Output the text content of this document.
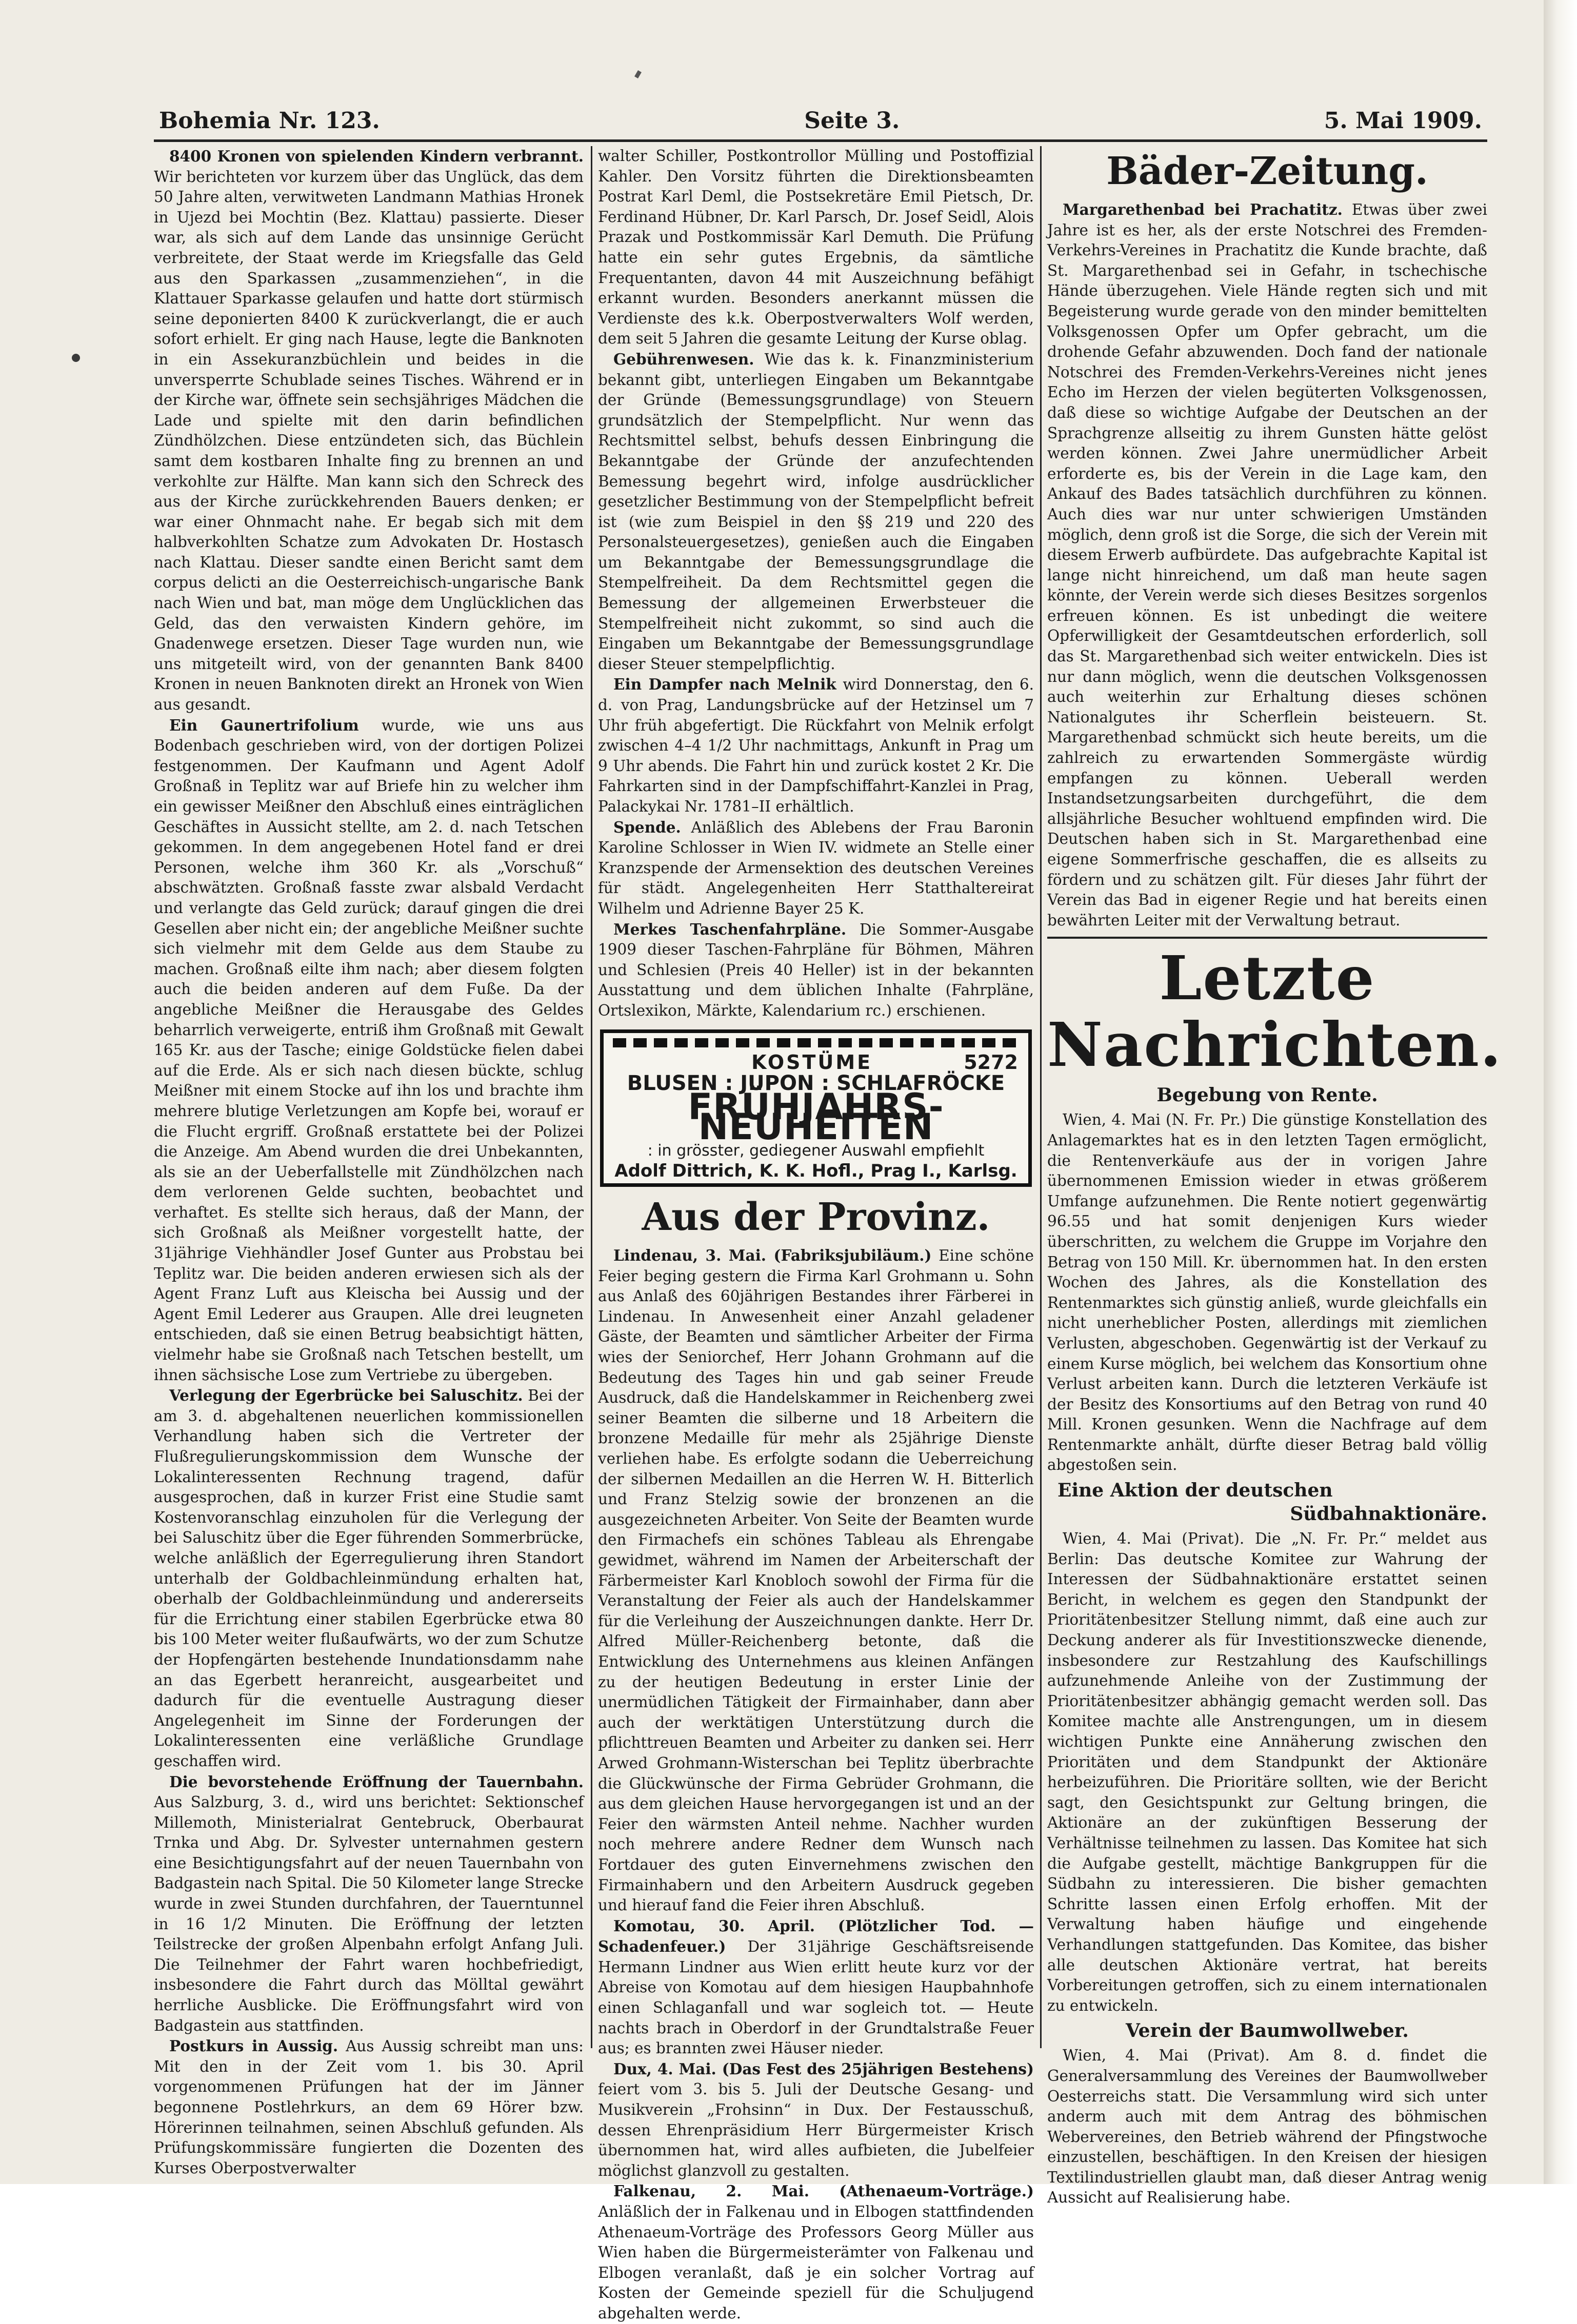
Bohemia Nr. 123.	Seite 3.	5. Mai 1909.

8400 Kronen von spielenden Kindern verbrannt. Wir berichteten vor kurzem über das Unglück, das dem 50 Jahre alten, verwitweten Landmann Mathias Hronek in Ujezd bei Mochtin (Bez. Klattau) passierte. Dieser war, als sich auf dem Lande das unsinnige Gerücht verbreitete, der Staat werde im Kriegsfalle das Geld aus den Sparkassen „zusammenziehen“, in die Klattauer Sparkasse gelaufen und hatte dort stürmisch seine deponierten 8400 K zurückverlangt, die er auch sofort erhielt. Er ging nach Hause, legte die Banknoten in ein Assekuranzbüchlein und beides in die unversperrte Schublade seines Tisches. Während er in der Kirche war, öffnete sein sechsjähriges Mädchen die Lade und spielte mit den darin befindlichen Zündhölzchen. Diese entzündeten sich, das Büchlein samt dem kostbaren Inhalte fing zu brennen an und verkohlte zur Hälfte. Man kann sich den Schreck des aus der Kirche zurückkehrenden Bauers denken; er war einer Ohnmacht nahe. Er begab sich mit dem halbverkohlten Schatze zum Advokaten Dr. Hostasch nach Klattau. Dieser sandte einen Bericht samt dem corpus delicti an die Oesterreichisch-ungarische Bank nach Wien und bat, man möge dem Unglücklichen das Geld, das den verwaisten Kindern gehöre, im Gnadenwege ersetzen. Dieser Tage wurden nun, wie uns mitgeteilt wird, von der genannten Bank 8400 Kronen in neuen Banknoten direkt an Hronek von Wien aus gesandt.

Ein Gaunertrifolium wurde, wie uns aus Bodenbach geschrieben wird, von der dortigen Polizei festgenommen. Der Kaufmann und Agent Adolf Großnaß in Teplitz war auf Briefe hin zu welcher ihm ein gewisser Meißner den Abschluß eines einträglichen Geschäftes in Aussicht stellte, am 2. d. nach Tetschen gekommen. In dem angegebenen Hotel fand er drei Personen, welche ihm 360 Kr. als „Vorschuß“ abschwätzten. Großnaß fasste zwar alsbald Verdacht und verlangte das Geld zurück; darauf gingen die drei Gesellen aber nicht ein; der angebliche Meißner suchte sich vielmehr mit dem Gelde aus dem Staube zu machen. Großnaß eilte ihm nach; aber diesem folgten auch die beiden anderen auf dem Fuße. Da der angebliche Meißner die Herausgabe des Geldes beharrlich verweigerte, entriß ihm Großnaß mit Gewalt 165 Kr. aus der Tasche; einige Goldstücke fielen dabei auf die Erde. Als er sich nach diesen bückte, schlug Meißner mit einem Stocke auf ihn los und brachte ihm mehrere blutige Verletzungen am Kopfe bei, worauf er die Flucht ergriff. Großnaß erstattete bei der Polizei die Anzeige. Am Abend wurden die drei Unbekannten, als sie an der Ueberfallstelle mit Zündhölzchen nach dem verlorenen Gelde suchten, beobachtet und verhaftet. Es stellte sich heraus, daß der Mann, der sich Großnaß als Meißner vorgestellt hatte, der 31jährige Viehhändler Josef Gunter aus Probstau bei Teplitz war. Die beiden anderen erwiesen sich als der Agent Franz Luft aus Kleischa bei Aussig und der Agent Emil Lederer aus Graupen. Alle drei leugneten entschieden, daß sie einen Betrug beabsichtigt hätten, vielmehr habe sie Großnaß nach Tetschen bestellt, um ihnen sächsische Lose zum Vertriebe zu übergeben.

Verlegung der Egerbrücke bei Saluschitz. Bei der am 3. d. abgehaltenen neuerlichen kommissionellen Verhandlung haben sich die Vertreter der Flußregulierungskommission dem Wunsche der Lokalinteressenten Rechnung tragend, dafür ausgesprochen, daß in kurzer Frist eine Studie samt Kostenvoranschlag einzuholen für die Verlegung der bei Saluschitz über die Eger führenden Sommerbrücke, welche anläßlich der Egerregulierung ihren Standort unterhalb der Goldbachleinmündung erhalten hat, oberhalb der Goldbachleinmündung und andererseits für die Errichtung einer stabilen Egerbrücke etwa 80 bis 100 Meter weiter flußaufwärts, wo der zum Schutze der Hopfengärten bestehende Inundationsdamm nahe an das Egerbett heranreicht, ausgearbeitet und dadurch für die eventuelle Austragung dieser Angelegenheit im Sinne der Forderungen der Lokalinteressenten eine verläßliche Grundlage geschaffen wird.

Die bevorstehende Eröffnung der Tauernbahn. Aus Salzburg, 3. d., wird uns berichtet: Sektionschef Millemoth, Ministerialrat Gentebruck, Oberbaurat Trnka und Abg. Dr. Sylvester unternahmen gestern eine Besichtigungsfahrt auf der neuen Tauernbahn von Badgastein nach Spital. Die 50 Kilometer lange Strecke wurde in zwei Stunden durchfahren, der Tauerntunnel in 16 1/2 Minuten. Die Eröffnung der letzten Teilstrecke der großen Alpenbahn erfolgt Anfang Juli. Die Teilnehmer der Fahrt waren hochbefriedigt, insbesondere die Fahrt durch das Mölltal gewährt herrliche Ausblicke. Die Eröffnungsfahrt wird von Badgastein aus stattfinden.

Postkurs in Aussig. Aus Aussig schreibt man uns: Mit den in der Zeit vom 1. bis 30. April vorgenommenen Prüfungen hat der im Jänner begonnene Postlehrkurs, an dem 69 Hörer bzw. Hörerinnen teilnahmen, seinen Abschluß gefunden. Als Prüfungskommissäre fungierten die Dozenten des Kurses Oberpostverwalter

walter Schiller, Postkontrollor Mülling und Postoffizial Kahler. Den Vorsitz führten die Direktionsbeamten Postrat Karl Deml, die Postsekretäre Emil Pietsch, Dr. Ferdinand Hübner, Dr. Karl Parsch, Dr. Josef Seidl, Alois Prazak und Postkommissär Karl Demuth. Die Prüfung hatte ein sehr gutes Ergebnis, da sämtliche Frequentanten, davon 44 mit Auszeichnung befähigt erkannt wurden. Besonders anerkannt müssen die Verdienste des k.k. Oberpostverwalters Wolf werden, dem seit 5 Jahren die gesamte Leitung der Kurse oblag.

Gebührenwesen. Wie das k. k. Finanzministerium bekannt gibt, unterliegen Eingaben um Bekanntgabe der Gründe (Bemessungsgrundlage) von Steuern grundsätzlich der Stempelpflicht. Nur wenn das Rechtsmittel selbst, behufs dessen Einbringung die Bekanntgabe der Gründe der anzufechtenden Bemessung begehrt wird, infolge ausdrücklicher gesetzlicher Bestimmung von der Stempelpflicht befreit ist (wie zum Beispiel in den §§ 219 und 220 des Personalsteuergesetzes), genießen auch die Eingaben um Bekanntgabe der Bemessungsgrundlage die Stempelfreiheit. Da dem Rechtsmittel gegen die Bemessung der allgemeinen Erwerbsteuer die Stempelfreiheit nicht zukommt, so sind auch die Eingaben um Bekanntgabe der Bemessungsgrundlage dieser Steuer stempelpflichtig.

Ein Dampfer nach Melnik wird Donnerstag, den 6. d. von Prag, Landungsbrücke auf der Hetzinsel um 7 Uhr früh abgefertigt. Die Rückfahrt von Melnik erfolgt zwischen 4–4 1/2 Uhr nachmittags, Ankunft in Prag um 9 Uhr abends. Die Fahrt hin und zurück kostet 2 Kr. Die Fahrkarten sind in der Dampfschiffahrt-Kanzlei in Prag, Palackykai Nr. 1781–II erhältlich.

Spende. Anläßlich des Ablebens der Frau Baronin Karoline Schlosser in Wien IV. widmete an Stelle einer Kranzspende der Armensektion des deutschen Vereines für städt. Angelegenheiten Herr Statthaltereirat Wilhelm und Adrienne Bayer 25 K.

Merkes Taschenfahrpläne. Die Sommer-Ausgabe 1909 dieser Taschen-Fahrpläne für Böhmen, Mähren und Schlesien (Preis 40 Heller) ist in der bekannten Ausstattung und dem üblichen Inhalte (Fahrpläne, Ortslexikon, Märkte, Kalendarium rc.) erschienen.

KOSTÜME	5272
BLUSEN : JUPON : SCHLAFRÖCKE
FRÜHJAHRS-NEUHEITEN
: in grösster, gediegener Auswahl empfiehlt
Adolf Dittrich, K. K. Hofl., Prag I., Karlsg.
Aus der Provinz.

Lindenau, 3. Mai. (Fabriksjubiläum.) Eine schöne Feier beging gestern die Firma Karl Grohmann u. Sohn aus Anlaß des 60jährigen Bestandes ihrer Färberei in Lindenau. In Anwesenheit einer Anzahl geladener Gäste, der Beamten und sämtlicher Arbeiter der Firma wies der Seniorchef, Herr Johann Grohmann auf die Bedeutung des Tages hin und gab seiner Freude Ausdruck, daß die Handelskammer in Reichenberg zwei seiner Beamten die silberne und 18 Arbeitern die bronzene Medaille für mehr als 25jährige Dienste verliehen habe. Es erfolgte sodann die Ueberreichung der silbernen Medaillen an die Herren W. H. Bitterlich und Franz Stelzig sowie der bronzenen an die ausgezeichneten Arbeiter. Von Seite der Beamten wurde den Firmachefs ein schönes Tableau als Ehrengabe gewidmet, während im Namen der Arbeiterschaft der Färbermeister Karl Knobloch sowohl der Firma für die Veranstaltung der Feier als auch der Handelskammer für die Verleihung der Auszeichnungen dankte. Herr Dr. Alfred Müller-Reichenberg betonte, daß die Entwicklung des Unternehmens aus kleinen Anfängen zu der heutigen Bedeutung in erster Linie der unermüdlichen Tätigkeit der Firmainhaber, dann aber auch der werktätigen Unterstützung durch die pflichttreuen Beamten und Arbeiter zu danken sei. Herr Arwed Grohmann-Wisterschan bei Teplitz überbrachte die Glückwünsche der Firma Gebrüder Grohmann, die aus dem gleichen Hause hervorgegangen ist und an der Feier den wärmsten Anteil nehme. Nachher wurden noch mehrere andere Redner dem Wunsch nach Fortdauer des guten Einvernehmens zwischen den Firmainhabern und den Arbeitern Ausdruck gegeben und hierauf fand die Feier ihren Abschluß.

Komotau, 30. April. (Plötzlicher Tod. — Schadenfeuer.) Der 31jährige Geschäftsreisende Hermann Lindner aus Wien erlitt heute kurz vor der Abreise von Komotau auf dem hiesigen Haupbahnhofe einen Schlaganfall und war sogleich tot. — Heute nachts brach in Oberdorf in der Grundtalstraße Feuer aus; es brannten zwei Häuser nieder.

Dux, 4. Mai. (Das Fest des 25jährigen Bestehens) feiert vom 3. bis 5. Juli der Deutsche Gesang- und Musikverein „Frohsinn“ in Dux. Der Festausschuß, dessen Ehrenpräsidium Herr Bürgermeister Krisch übernommen hat, wird alles aufbieten, die Jubelfeier möglichst glanzvoll zu gestalten.

Falkenau, 2. Mai. (Athenaeum-Vorträge.) Anläßlich der in Falkenau und in Elbogen stattfindenden Athenaeum-Vorträge des Professors Georg Müller aus Wien haben die Bürgermeisterämter von Falkenau und Elbogen veranlaßt, daß je ein solcher Vortrag auf Kosten der Gemeinde speziell für die Schuljugend abgehalten werde.

Bäder-Zeitung.

Margarethenbad bei Prachatitz. Etwas über zwei Jahre ist es her, als der erste Notschrei des Fremden-Verkehrs-Vereines in Prachatitz die Kunde brachte, daß St. Margarethenbad sei in Gefahr, in tschechische Hände überzugehen. Viele Hände regten sich und mit Begeisterung wurde gerade von den minder bemittelten Volksgenossen Opfer um Opfer gebracht, um die drohende Gefahr abzuwenden. Doch fand der nationale Notschrei des Fremden-Verkehrs-Vereines nicht jenes Echo im Herzen der vielen begüterten Volksgenossen, daß diese so wichtige Aufgabe der Deutschen an der Sprachgrenze allseitig zu ihrem Gunsten hätte gelöst werden können. Zwei Jahre unermüdlicher Arbeit erforderte es, bis der Verein in die Lage kam, den Ankauf des Bades tatsächlich durchführen zu können. Auch dies war nur unter schwierigen Umständen möglich, denn groß ist die Sorge, die sich der Verein mit diesem Erwerb aufbürdete. Das aufgebrachte Kapital ist lange nicht hinreichend, um daß man heute sagen könnte, der Verein werde sich dieses Besitzes sorgenlos erfreuen können. Es ist unbedingt die weitere Opferwilligkeit der Gesamtdeutschen erforderlich, soll das St. Margarethenbad sich weiter entwickeln. Dies ist nur dann möglich, wenn die deutschen Volksgenossen auch weiterhin zur Erhaltung dieses schönen Nationalgutes ihr Scherflein beisteuern. St. Margarethenbad schmückt sich heute bereits, um die zahlreich zu erwartenden Sommergäste würdig empfangen zu können. Ueberall werden Instandsetzungsarbeiten durchgeführt, die dem allsjährliche Besucher wohltuend empfinden wird. Die Deutschen haben sich in St. Margarethenbad eine eigene Sommerfrische geschaffen, die es allseits zu fördern und zu schätzen gilt. Für dieses Jahr führt der Verein das Bad in eigener Regie und hat bereits einen bewährten Leiter mit der Verwaltung betraut.

Letzte Nachrichten.
Begebung von Rente.

Wien, 4. Mai (N. Fr. Pr.) Die günstige Konstellation des Anlagemarktes hat es in den letzten Tagen ermöglicht, die Rentenverkäufe aus der in vorigen Jahre übernommenen Emission wieder in etwas größerem Umfange aufzunehmen. Die Rente notiert gegenwärtig 96.55 und hat somit denjenigen Kurs wieder überschritten, zu welchem die Gruppe im Vorjahre den Betrag von 150 Mill. Kr. übernommen hat. In den ersten Wochen des Jahres, als die Konstellation des Rentenmarktes sich günstig anließ, wurde gleichfalls ein nicht unerheblicher Posten, allerdings mit ziemlichen Verlusten, abgeschoben. Gegenwärtig ist der Verkauf zu einem Kurse möglich, bei welchem das Konsortium ohne Verlust arbeiten kann. Durch die letzteren Verkäufe ist der Besitz des Konsortiums auf den Betrag von rund 40 Mill. Kronen gesunken. Wenn die Nachfrage auf dem Rentenmarkte anhält, dürfte dieser Betrag bald völlig abgestoßen sein.

Eine Aktion der deutschen
Südbahnaktionäre.

Wien, 4. Mai (Privat). Die „N. Fr. Pr.“ meldet aus Berlin: Das deutsche Komitee zur Wahrung der Interessen der Südbahnaktionäre erstattet seinen Bericht, in welchem es gegen den Standpunkt der Prioritätenbesitzer Stellung nimmt, daß eine auch zur Deckung anderer als für Investitionszwecke dienende, insbesondere zur Restzahlung des Kaufschillings aufzunehmende Anleihe von der Zustimmung der Prioritätenbesitzer abhängig gemacht werden soll. Das Komitee machte alle Anstrengungen, um in diesem wichtigen Punkte eine Annäherung zwischen den Prioritäten und dem Standpunkt der Aktionäre herbeizuführen. Die Prioritäre sollten, wie der Bericht sagt, den Gesichtspunkt zur Geltung bringen, die Aktionäre an der zukünftigen Besserung der Verhältnisse teilnehmen zu lassen. Das Komitee hat sich die Aufgabe gestellt, mächtige Bankgruppen für die Südbahn zu interessieren. Die bisher gemachten Schritte lassen einen Erfolg erhoffen. Mit der Verwaltung haben häufige und eingehende Verhandlungen stattgefunden. Das Komitee, das bisher alle deutschen Aktionäre vertrat, hat bereits Vorbereitungen getroffen, sich zu einem internationalen zu entwickeln.

Verein der Baumwollweber.

Wien, 4. Mai (Privat). Am 8. d. findet die Generalversammlung des Vereines der Baumwollweber Oesterreichs statt. Die Versammlung wird sich unter anderm auch mit dem Antrag des böhmischen Webervereines, den Betrieb während der Pfingstwoche einzustellen, beschäftigen. In den Kreisen der hiesigen Textilindustriellen glaubt man, daß dieser Antrag wenig Aussicht auf Realisierung habe.
